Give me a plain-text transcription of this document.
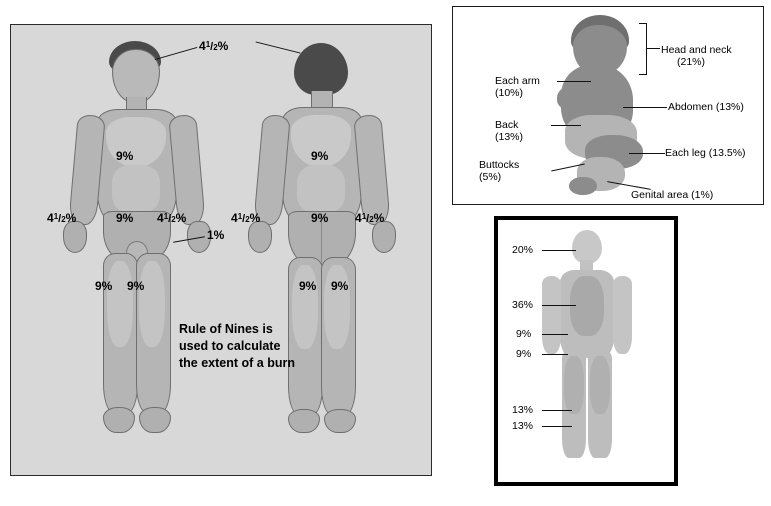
41/2%
9%
9%
41/2%	41/2%
1%
9% 9%
9%
9%
41/2%	41/2%
9% 9%
Rule of Nines is
used to calculate
the extent of a burn
Head and neck
(21%)
Each arm
(10%)
Abdomen (13%)
Back
(13%)
Each leg (13.5%)
Buttocks
(5%)
Genital area (1%)
20%
36%
9%
9%
13%
13%
